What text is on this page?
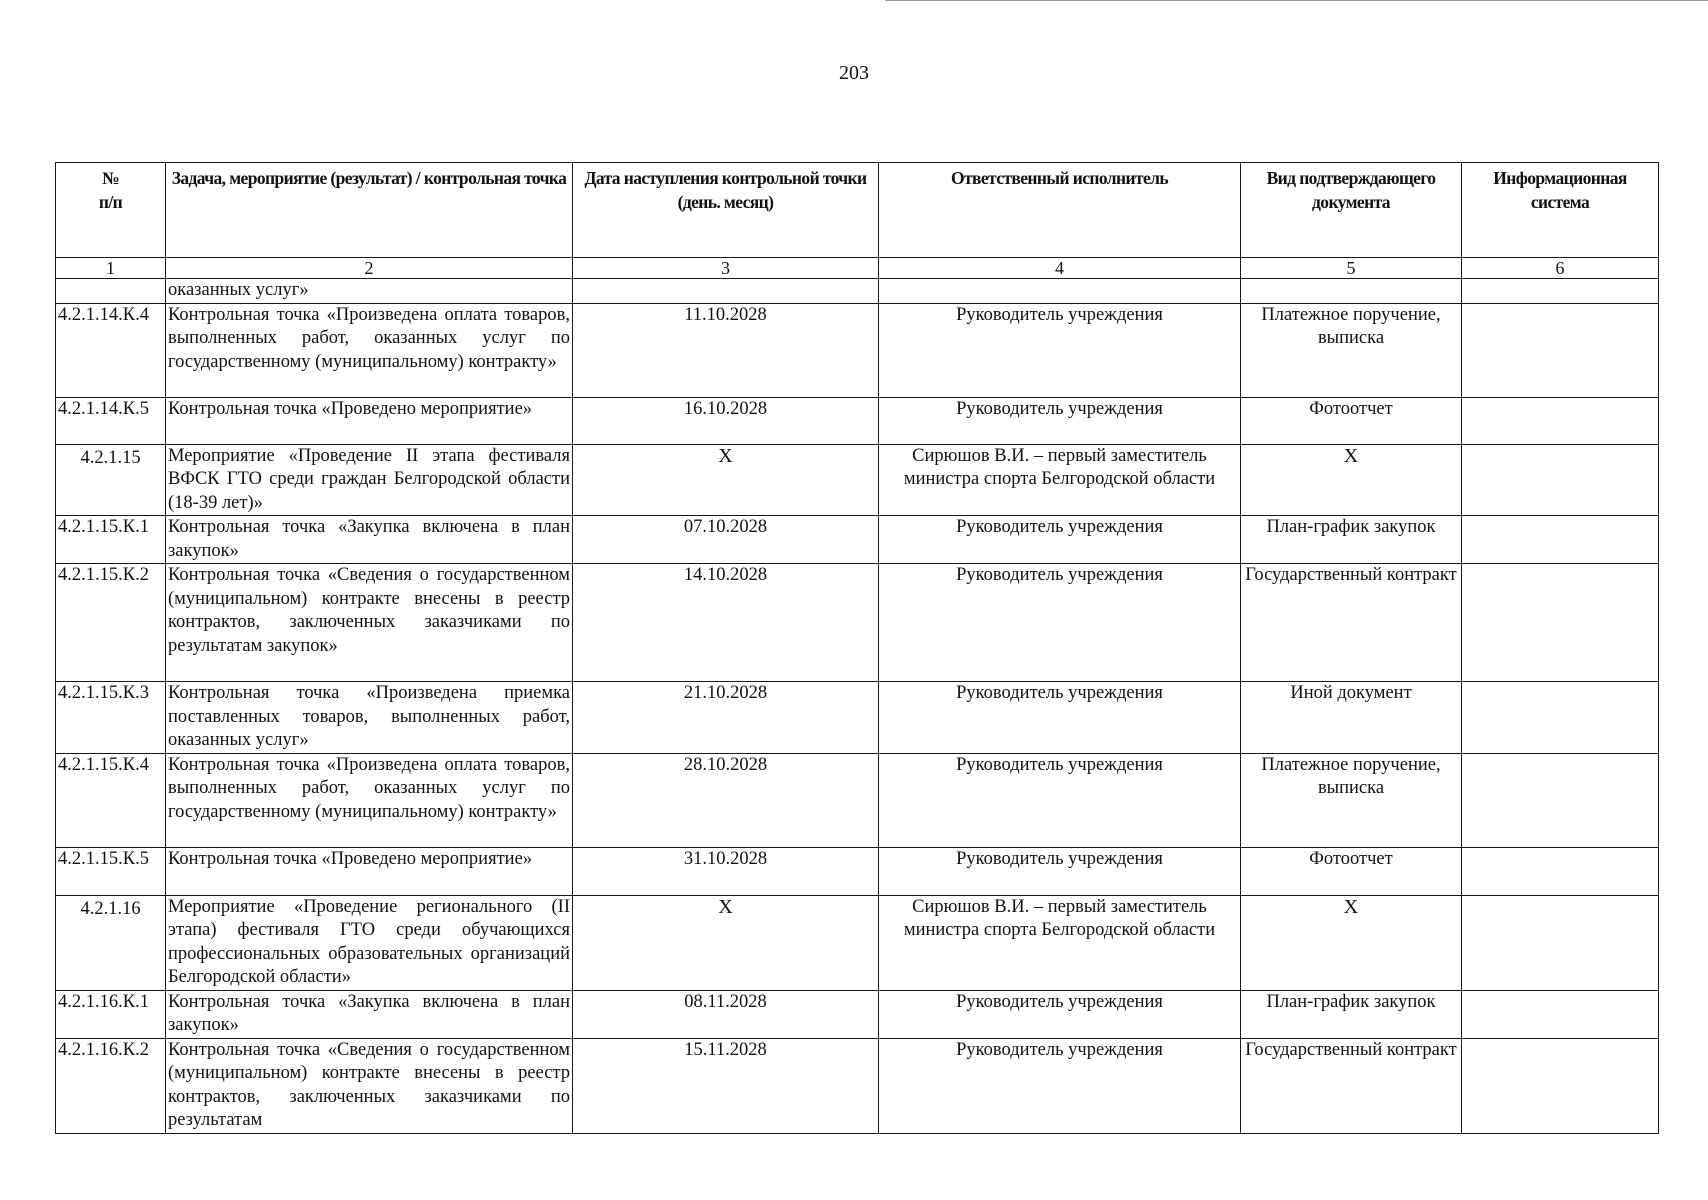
203
№
п/п	Задача, мероприятие (результат) / контрольная точка	Дата наступления контрольной точки (день. месяц)	Ответственный исполнитель	Вид подтверждающего документа	Информационная система
1	2	3	4	5	6
	оказанных услуг»				
4.2.1.14.К.4	Контрольная точка «Произведена оплата товаров, выполненных работ, оказанных услуг по государственному (муниципальному) контракту»	11.10.2028	Руководитель учреждения	Платежное поручение, выписка	
4.2.1.14.К.5	Контрольная точка «Проведено мероприятие»	16.10.2028	Руководитель учреждения	Фотоотчет	
4.2.1.15	Мероприятие «Проведение II этапа фестиваля ВФСК ГТО среди граждан Белгородской области (18-39 лет)»	Х	Сирюшов В.И. – первый заместитель министра спорта Белгородской области	Х	
4.2.1.15.К.1	Контрольная точка «Закупка включена в план закупок»	07.10.2028	Руководитель учреждения	План-график закупок	
4.2.1.15.К.2	Контрольная точка «Сведения о государственном (муниципальном) контракте внесены в реестр контрактов, заключенных заказчиками по результатам закупок»	14.10.2028	Руководитель учреждения	Государственный контракт	
4.2.1.15.К.3	Контрольная точка «Произведена приемка поставленных товаров, выполненных работ, оказанных услуг»	21.10.2028	Руководитель учреждения	Иной документ	
4.2.1.15.К.4	Контрольная точка «Произведена оплата товаров, выполненных работ, оказанных услуг по государственному (муниципальному) контракту»	28.10.2028	Руководитель учреждения	Платежное поручение, выписка	
4.2.1.15.К.5	Контрольная точка «Проведено мероприятие»	31.10.2028	Руководитель учреждения	Фотоотчет	
4.2.1.16	Мероприятие «Проведение регионального (II этапа) фестиваля ГТО среди обучающихся профессиональных образовательных организаций Белгородской области»	Х	Сирюшов В.И. – первый заместитель министра спорта Белгородской области	Х	
4.2.1.16.К.1	Контрольная точка «Закупка включена в план закупок»	08.11.2028	Руководитель учреждения	План-график закупок	
4.2.1.16.К.2	Контрольная точка «Сведения о государственном (муниципальном) контракте внесены в реестр контрактов, заключенных заказчиками по результатам	15.11.2028	Руководитель учреждения	Государственный контракт	
